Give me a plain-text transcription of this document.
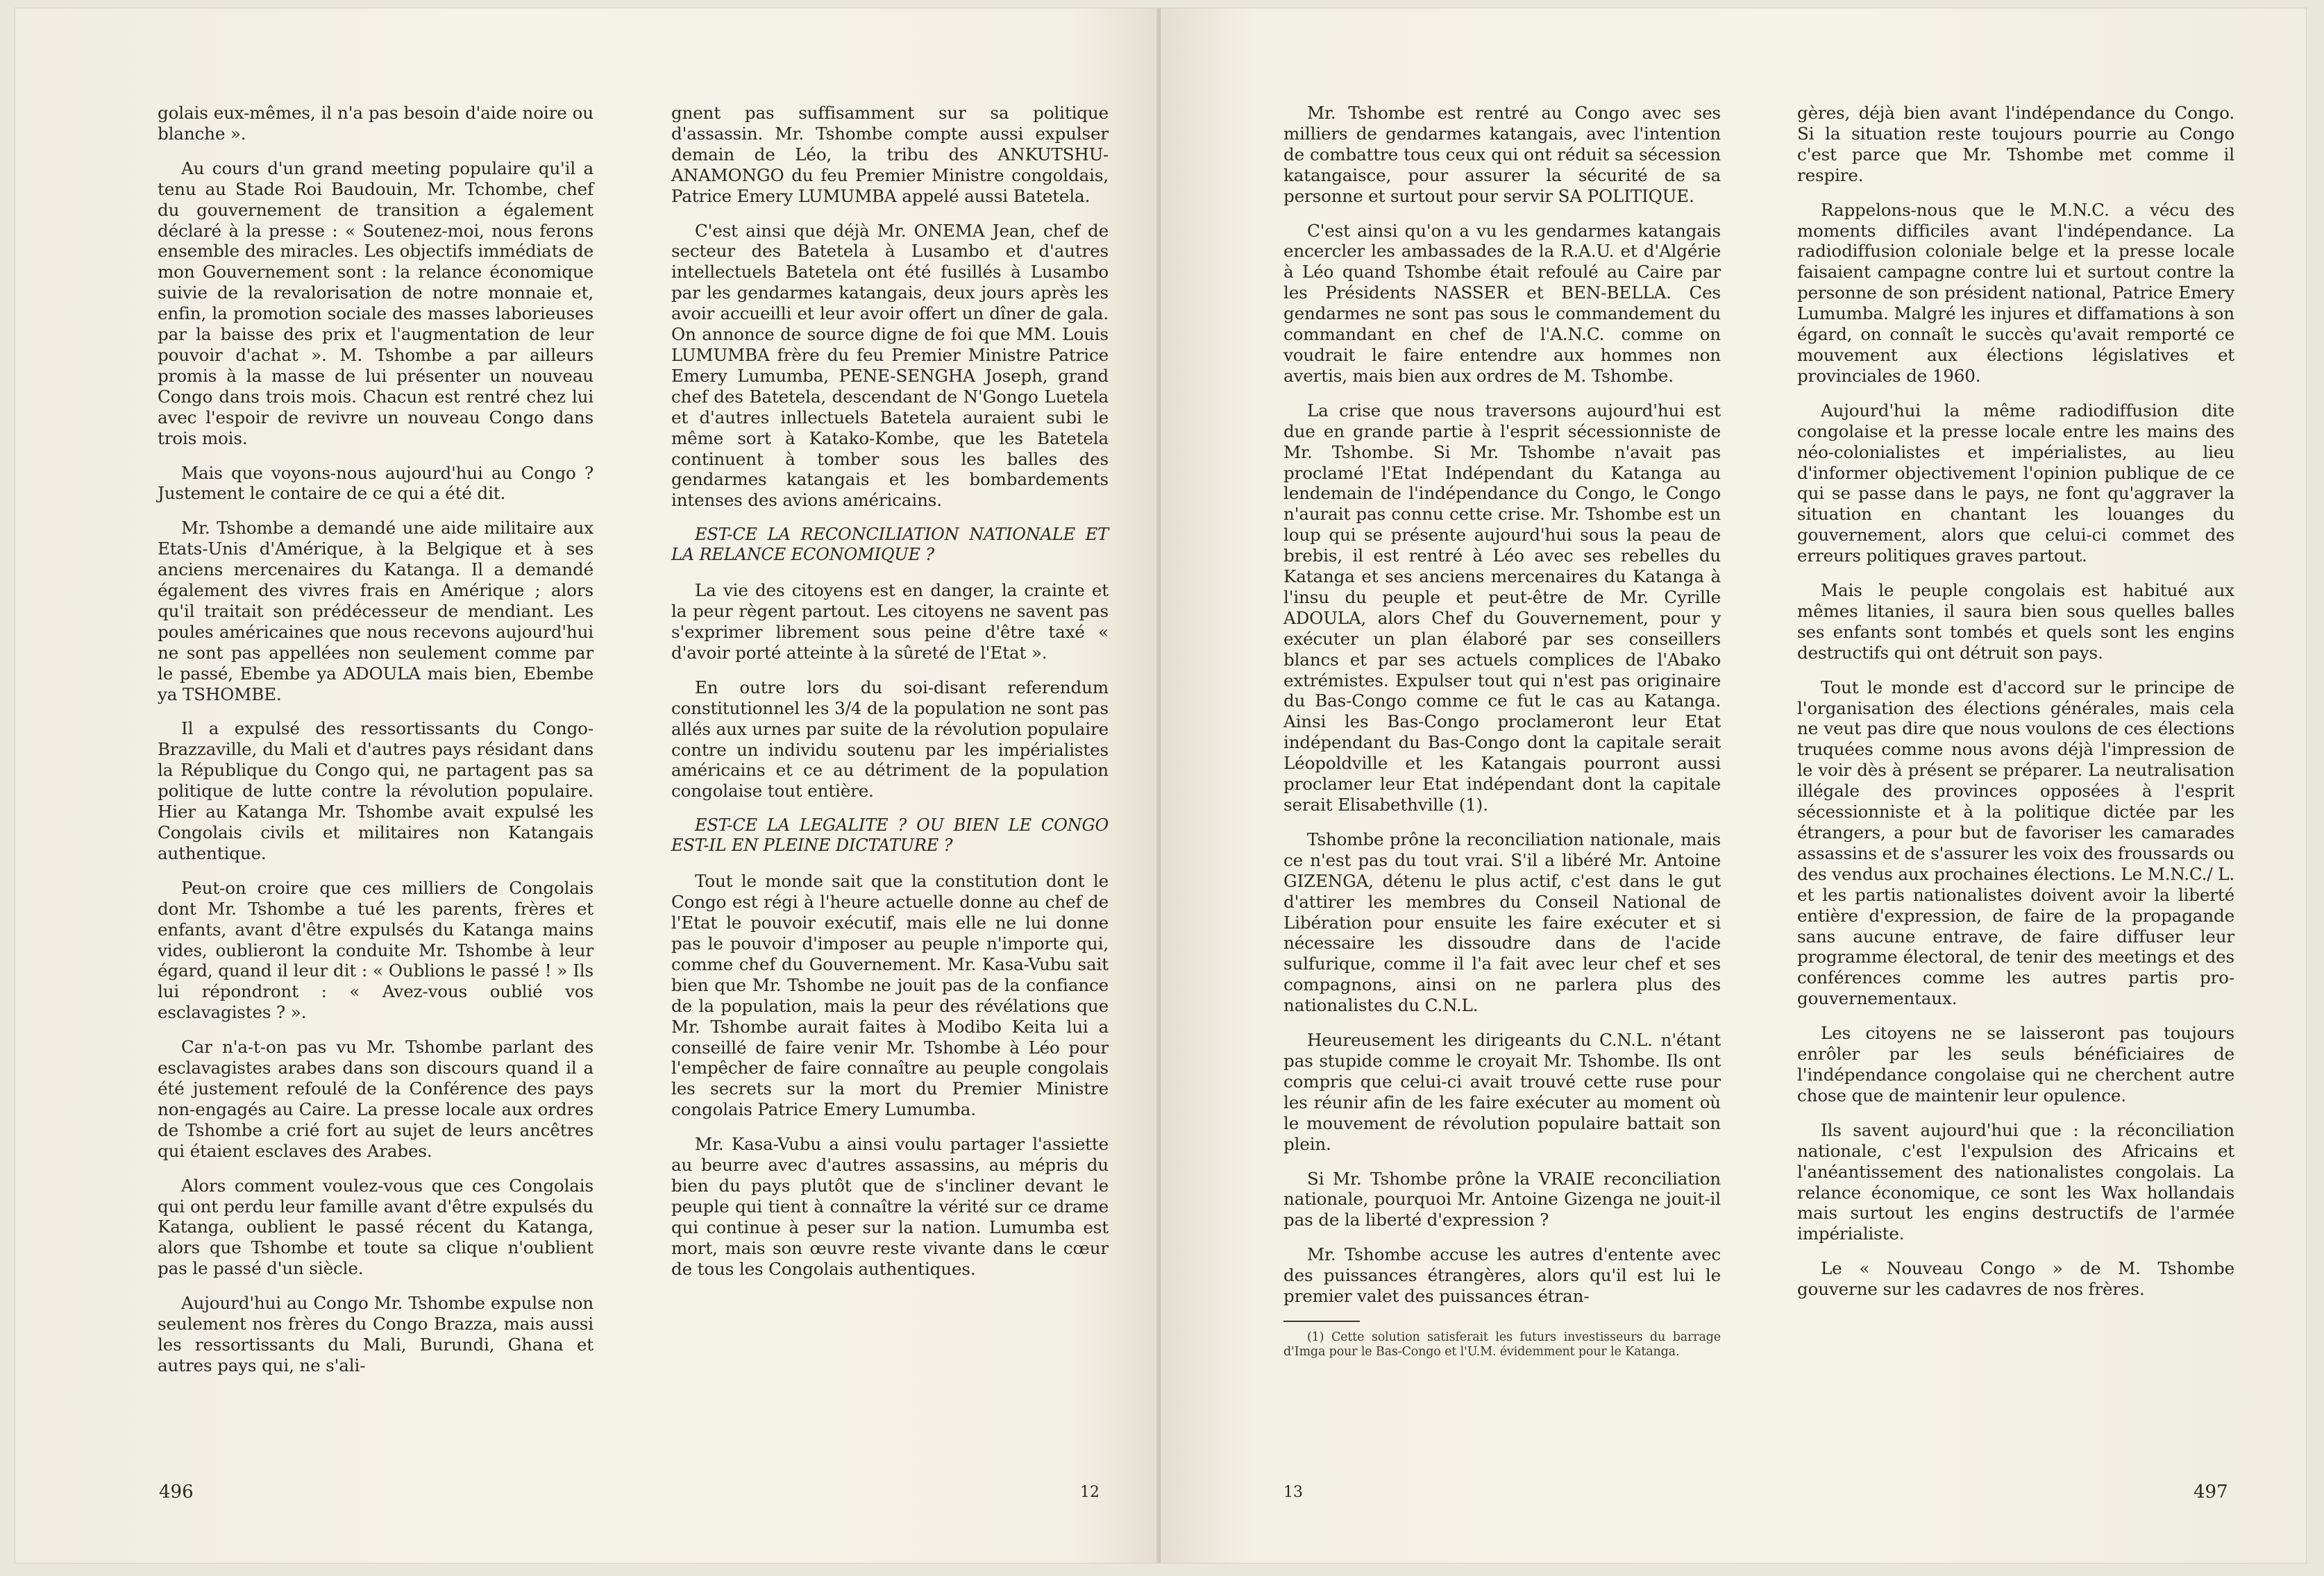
golais eux-mêmes, il n'a pas besoin d'aide noire ou blanche ».

Au cours d'un grand meeting populaire qu'il a tenu au Stade Roi Baudouin, Mr. Tchombe, chef du gouvernement de transition a également déclaré à la presse : « Soutenez-moi, nous ferons ensemble des miracles. Les objectifs immédiats de mon Gouvernement sont : la relance économique suivie de la revalorisation de notre monnaie et, enfin, la promotion sociale des masses laborieuses par la baisse des prix et l'augmentation de leur pouvoir d'achat ». M. Tshombe a par ailleurs promis à la masse de lui présenter un nouveau Congo dans trois mois. Chacun est rentré chez lui avec l'espoir de revivre un nouveau Congo dans trois mois.

Mais que voyons-nous aujourd'hui au Congo ? Justement le contaire de ce qui a été dit.

Mr. Tshombe a demandé une aide militaire aux Etats-Unis d'Amérique, à la Belgique et à ses anciens mercenaires du Katanga. Il a demandé également des vivres frais en Amérique ; alors qu'il traitait son prédécesseur de mendiant. Les poules américaines que nous recevons aujourd'hui ne sont pas appellées non seulement comme par le passé, Ebembe ya ADOULA mais bien, Ebembe ya TSHOMBE.

Il a expulsé des ressortissants du Congo-Brazzaville, du Mali et d'autres pays résidant dans la République du Congo qui, ne partagent pas sa politique de lutte contre la révolution populaire. Hier au Katanga Mr. Tshombe avait expulsé les Congolais civils et militaires non Katangais authentique.

Peut-on croire que ces milliers de Congolais dont Mr. Tshombe a tué les parents, frères et enfants, avant d'être expulsés du Katanga mains vides, oublieront la conduite Mr. Tshombe à leur égard, quand il leur dit : « Oublions le passé ! » Ils lui répondront : « Avez-vous oublié vos esclavagistes ? ».

Car n'a-t-on pas vu Mr. Tshombe parlant des esclavagistes arabes dans son discours quand il a été justement refoulé de la Conférence des pays non-engagés au Caire. La presse locale aux ordres de Tshombe a crié fort au sujet de leurs ancêtres qui étaient esclaves des Arabes.

Alors comment voulez-vous que ces Congolais qui ont perdu leur famille avant d'être expulsés du Katanga, oublient le passé récent du Katanga, alors que Tshombe et toute sa clique n'oublient pas le passé d'un siècle.

Aujourd'hui au Congo Mr. Tshombe expulse non seulement nos frères du Congo Brazza, mais aussi les ressortissants du Mali, Burundi, Ghana et autres pays qui, ne s'ali-

gnent pas suffisamment sur sa politique d'assassin. Mr. Tshombe compte aussi expulser demain de Léo, la tribu des ANKUTSHU-ANAMONGO du feu Premier Ministre congoldais, Patrice Emery LUMUMBA appelé aussi Batetela.

C'est ainsi que déjà Mr. ONEMA Jean, chef de secteur des Batetela à Lusambo et d'autres intellectuels Batetela ont été fusillés à Lusambo par les gendarmes katangais, deux jours après les avoir accueilli et leur avoir offert un dîner de gala. On annonce de source digne de foi que MM. Louis LUMUMBA frère du feu Premier Ministre Patrice Emery Lumumba, PENE-SENGHA Joseph, grand chef des Batetela, descendant de N'Gongo Luetela et d'autres inllectuels Batetela auraient subi le même sort à Katako-Kombe, que les Batetela continuent à tomber sous les balles des gendarmes katangais et les bombardements intenses des avions américains.

EST-CE LA RECONCILIATION NATIONALE ET LA RELANCE ECONOMIQUE ?

La vie des citoyens est en danger, la crainte et la peur règent partout. Les citoyens ne savent pas s'exprimer librement sous peine d'être taxé « d'avoir porté atteinte à la sûreté de l'Etat ».

En outre lors du soi-disant referendum constitutionnel les 3/4 de la population ne sont pas allés aux urnes par suite de la révolution populaire contre un individu soutenu par les impérialistes américains et ce au détriment de la population congolaise tout entière.

EST-CE LA LEGALITE ? OU BIEN LE CONGO EST-IL EN PLEINE DICTATURE ?

Tout le monde sait que la constitution dont le Congo est régi à l'heure actuelle donne au chef de l'Etat le pouvoir exécutif, mais elle ne lui donne pas le pouvoir d'imposer au peuple n'importe qui, comme chef du Gouvernement. Mr. Kasa-Vubu sait bien que Mr. Tshombe ne jouit pas de la confiance de la population, mais la peur des révélations que Mr. Tshombe aurait faites à Modibo Keita lui a conseillé de faire venir Mr. Tshombe à Léo pour l'empêcher de faire connaître au peuple congolais les secrets sur la mort du Premier Ministre congolais Patrice Emery Lumumba.

Mr. Kasa-Vubu a ainsi voulu partager l'assiette au beurre avec d'autres assassins, au mépris du bien du pays plutôt que de s'incliner devant le peuple qui tient à connaître la vérité sur ce drame qui continue à peser sur la nation. Lumumba est mort, mais son œuvre reste vivante dans le cœur de tous les Congolais authentiques.

496	12

Mr. Tshombe est rentré au Congo avec ses milliers de gendarmes katangais, avec l'intention de combattre tous ceux qui ont réduit sa sécession katangaisce, pour assurer la sécurité de sa personne et surtout pour servir SA POLITIQUE.

C'est ainsi qu'on a vu les gendarmes katangais encercler les ambassades de la R.A.U. et d'Algérie à Léo quand Tshombe était refoulé au Caire par les Présidents NASSER et BEN-BELLA. Ces gendarmes ne sont pas sous le commandement du commandant en chef de l'A.N.C. comme on voudrait le faire entendre aux hommes non avertis, mais bien aux ordres de M. Tshombe.

La crise que nous traversons aujourd'hui est due en grande partie à l'esprit sécessionniste de Mr. Tshombe. Si Mr. Tshombe n'avait pas proclamé l'Etat Indépendant du Katanga au lendemain de l'indépendance du Congo, le Congo n'aurait pas connu cette crise. Mr. Tshombe est un loup qui se présente aujourd'hui sous la peau de brebis, il est rentré à Léo avec ses rebelles du Katanga et ses anciens mercenaires du Katanga à l'insu du peuple et peut-être de Mr. Cyrille ADOULA, alors Chef du Gouvernement, pour y exécuter un plan élaboré par ses conseillers blancs et par ses actuels complices de l'Abako extrémistes. Expulser tout qui n'est pas originaire du Bas-Congo comme ce fut le cas au Katanga. Ainsi les Bas-Congo proclameront leur Etat indépendant du Bas-Congo dont la capitale serait Léopoldville et les Katangais pourront aussi proclamer leur Etat indépendant dont la capitale serait Elisabethville (1).

Tshombe prône la reconciliation nationale, mais ce n'est pas du tout vrai. S'il a libéré Mr. Antoine GIZENGA, détenu le plus actif, c'est dans le gut d'attirer les membres du Conseil National de Libération pour ensuite les faire exécuter et si nécessaire les dissoudre dans de l'acide sulfurique, comme il l'a fait avec leur chef et ses compagnons, ainsi on ne parlera plus des nationalistes du C.N.L.

Heureusement les dirigeants du C.N.L. n'étant pas stupide comme le croyait Mr. Tshombe. Ils ont compris que celui-ci avait trouvé cette ruse pour les réunir afin de les faire exécuter au moment où le mouvement de révolution populaire battait son plein.

Si Mr. Tshombe prône la VRAIE reconciliation nationale, pourquoi Mr. Antoine Gizenga ne jouit-il pas de la liberté d'expression ?

Mr. Tshombe accuse les autres d'entente avec des puissances étrangères, alors qu'il est lui le premier valet des puissances étran-

(1) Cette solution satisferait les futurs investisseurs du barrage d'Imga pour le Bas-Congo et l'U.M. évidemment pour le Katanga.

gères, déjà bien avant l'indépendance du Congo. Si la situation reste toujours pourrie au Congo c'est parce que Mr. Tshombe met comme il respire.

Rappelons-nous que le M.N.C. a vécu des moments difficiles avant l'indépendance. La radiodiffusion coloniale belge et la presse locale faisaient campagne contre lui et surtout contre la personne de son président national, Patrice Emery Lumumba. Malgré les injures et diffamations à son égard, on connaît le succès qu'avait remporté ce mouvement aux élections législatives et provinciales de 1960.

Aujourd'hui la même radiodiffusion dite congolaise et la presse locale entre les mains des néo-colonialistes et impérialistes, au lieu d'informer objectivement l'opinion publique de ce qui se passe dans le pays, ne font qu'aggraver la situation en chantant les louanges du gouvernement, alors que celui-ci commet des erreurs politiques graves partout.

Mais le peuple congolais est habitué aux mêmes litanies, il saura bien sous quelles balles ses enfants sont tombés et quels sont les engins destructifs qui ont détruit son pays.

Tout le monde est d'accord sur le principe de l'organisation des élections générales, mais cela ne veut pas dire que nous voulons de ces élections truquées comme nous avons déjà l'impression de le voir dès à présent se préparer. La neutralisation illégale des provinces opposées à l'esprit sécessionniste et à la politique dictée par les étrangers, a pour but de favoriser les camarades assassins et de s'assurer les voix des froussards ou des vendus aux prochaines élections. Le M.N.C./ L. et les partis nationalistes doivent avoir la liberté entière d'expression, de faire de la propagande sans aucune entrave, de faire diffuser leur programme électoral, de tenir des meetings et des conférences comme les autres partis pro-gouvernementaux.

Les citoyens ne se laisseront pas toujours enrôler par les seuls bénéficiaires de l'indépendance congolaise qui ne cherchent autre chose que de maintenir leur opulence.

Ils savent aujourd'hui que : la réconciliation nationale, c'est l'expulsion des Africains et l'anéantissement des nationalistes congolais. La relance économique, ce sont les Wax hollandais mais surtout les engins destructifs de l'armée impérialiste.

Le « Nouveau Congo » de M. Tshombe gouverne sur les cadavres de nos frères.

13	497
